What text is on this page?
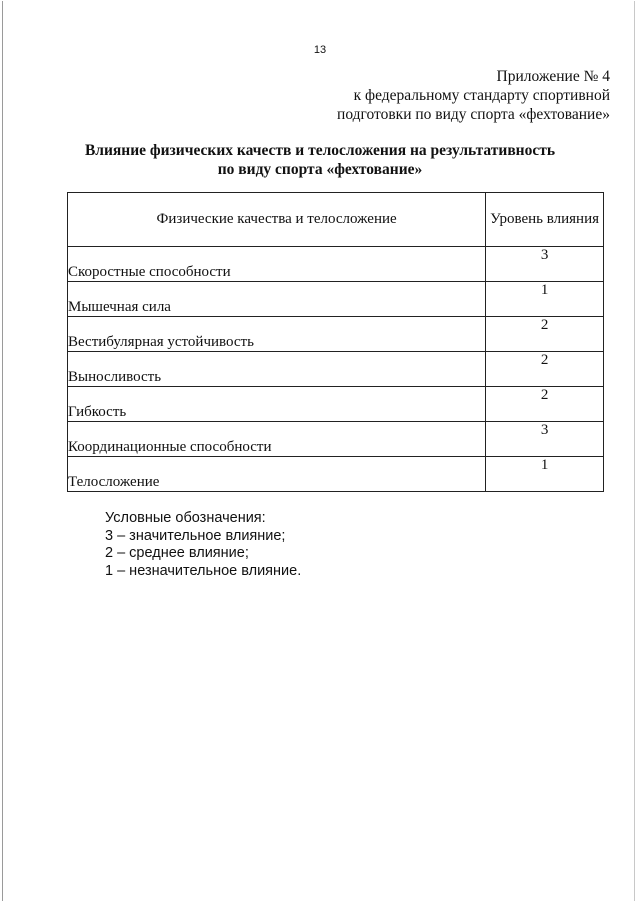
13
Приложение № 4
к федеральному стандарту спортивной
подготовки по виду спорта «фехтование»
Влияние физических качеств и телосложения на результативность
по виду спорта «фехтование»
Физические качества и телосложение	Уровень влияния
Скоростные способности	3
Мышечная сила	1
Вестибулярная устойчивость	2
Выносливость	2
Гибкость	2
Координационные способности	3
Телосложение	1
Условные обозначения:
3 – значительное влияние;
2 – среднее влияние;
1 – незначительное влияние.
